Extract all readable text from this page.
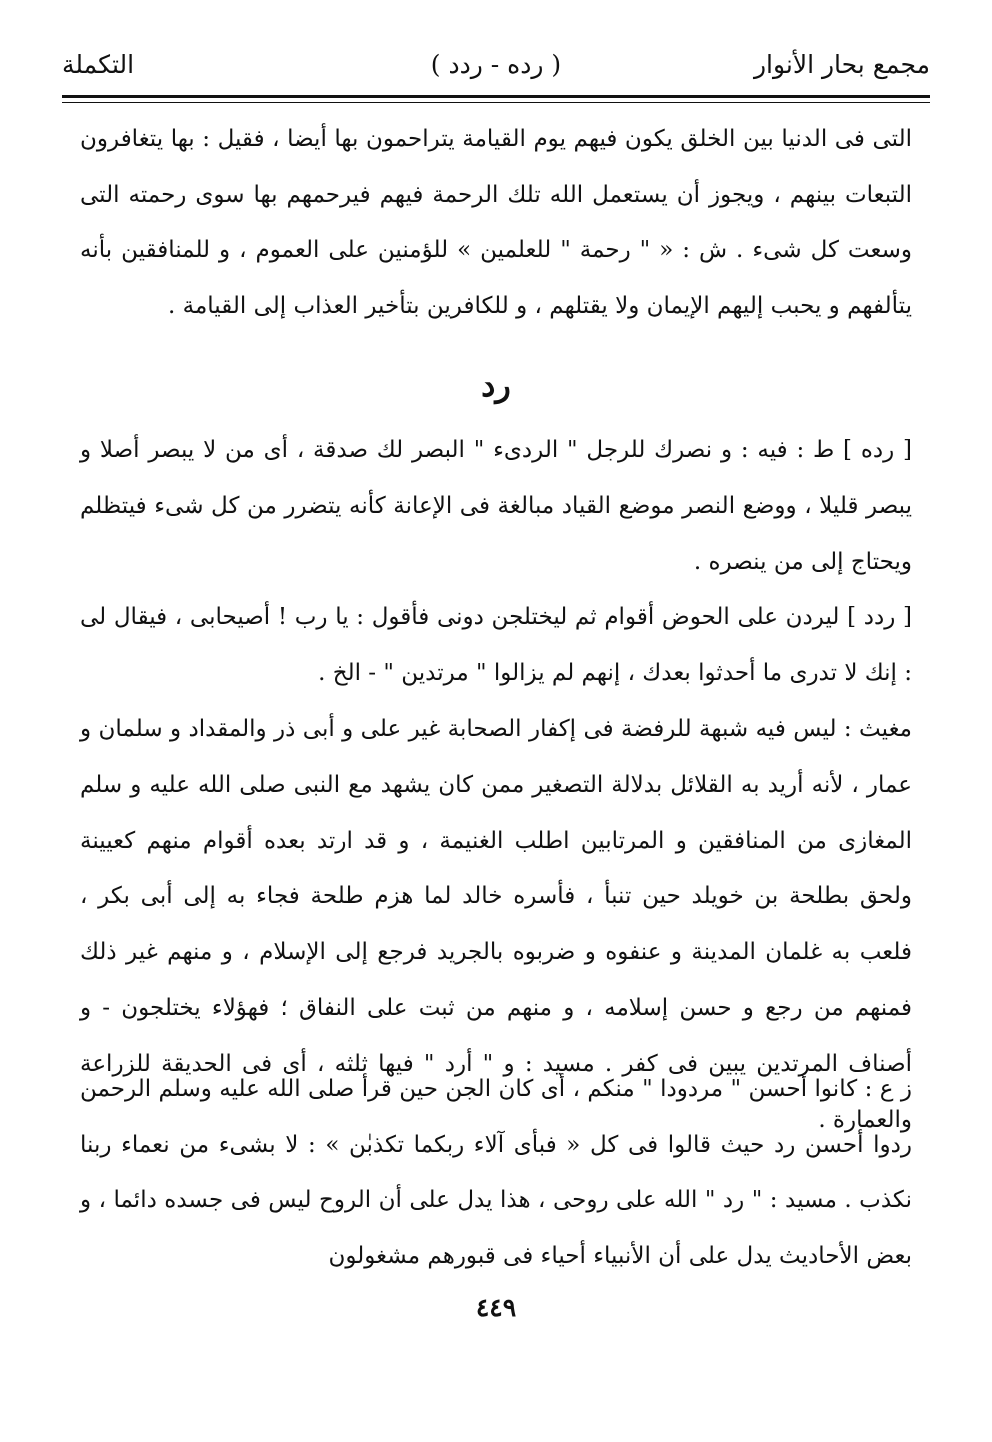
مجمع بحار الأنوار
( رده - ردد )
التكملة

التى فى الدنيا بين الخلق يكون فيهم يوم القيامة يتراحمون بها أيضا ، فقيل : بها يتغافرون التبعات بينهم ، ويجوز أن يستعمل الله تلك الرحمة فيهم فيرحمهم بها سوى رحمته التى وسعت كل شىء . ش : « " رحمة " للعلمين » للؤمنين على العموم ، و للمنافقين بأنه يتألفهم و يحبب إليهم الإيمان ولا يقتلهم ، و للكافرين بتأخير العذاب إلى القيامة .

رد

[ رده ] ط : فيه : و نصرك للرجل " الردىء " البصر لك صدقة ، أى من لا يبصر أصلا و يبصر قليلا ، ووضع النصر موضع القياد مبالغة فى الإعانة كأنه يتضرر من كل شىء فيتظلم ويحتاج إلى من ينصره .

[ ردد ] ليردن على الحوض أقوام ثم ليختلجن دونى فأقول : يا رب ! أصيحابى ، فيقال لى : إنك لا تدرى ما أحدثوا بعدك ، إنهم لم يزالوا " مرتدين " - الخ .

مغيث : ليس فيه شبهة للرفضة فى إكفار الصحابة غير على و أبى ذر والمقداد و سلمان و عمار ، لأنه أريد به القلائل بدلالة التصغير ممن كان يشهد مع النبى صلى الله عليه و سلم المغازى من المنافقين و المرتابين اطلب الغنيمة ، و قد ارتد بعده أقوام منهم كعيينة ولحق بطلحة بن خويلد حين تنبأ ، فأسره خالد لما هزم طلحة فجاء به إلى أبى بكر ، فلعب به غلمان المدينة و عنفوه و ضربوه بالجريد فرجع إلى الإسلام ، و منهم غير ذلك فمنهم من رجع و حسن إسلامه ، و منهم من ثبت على النفاق ؛ فهؤلاء يختلجون - و أصناف المرتدين يبين فى كفر . مسيد : و " أرد " فيها ثلثه ، أى فى الحديقة للزراعة والعمارة .

ز ع : كانوا أحسن " مردودا " منكم ، أى كان الجن حين قرأ صلى الله عليه وسلم الرحمن ردوا أحسن رد حيث قالوا فى كل « فبأى آلاء ربكما تكذبٰن » : لا بشىء من نعماء ربنا نكذب . مسيد : " رد " الله على روحى ، هذا يدل على أن الروح ليس فى جسده دائما ، و بعض الأحاديث يدل على أن الأنبياء أحياء فى قبورهم مشغولون

٤٤٩
